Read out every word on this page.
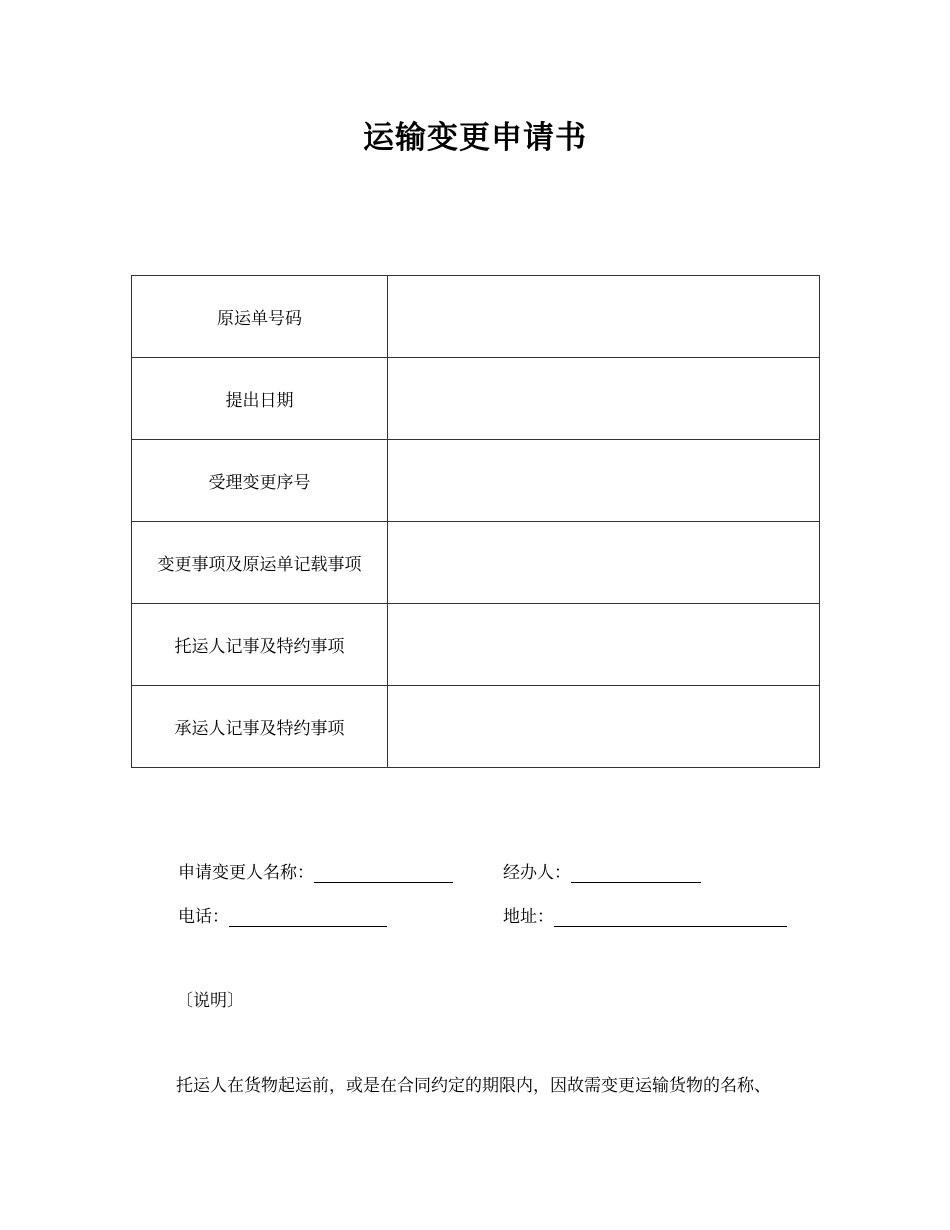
运输变更申请书
原运单号码	
提出日期	
受理变更序号	
变更事项及原运单记载事项	
托运人记事及特约事项	
承运人记事及特约事项	
申请变更人名称：	经办人：
电话：	地址：
〔说明〕
托运人在货物起运前，或是在合同约定的期限内，因故需变更运输货物的名称、
